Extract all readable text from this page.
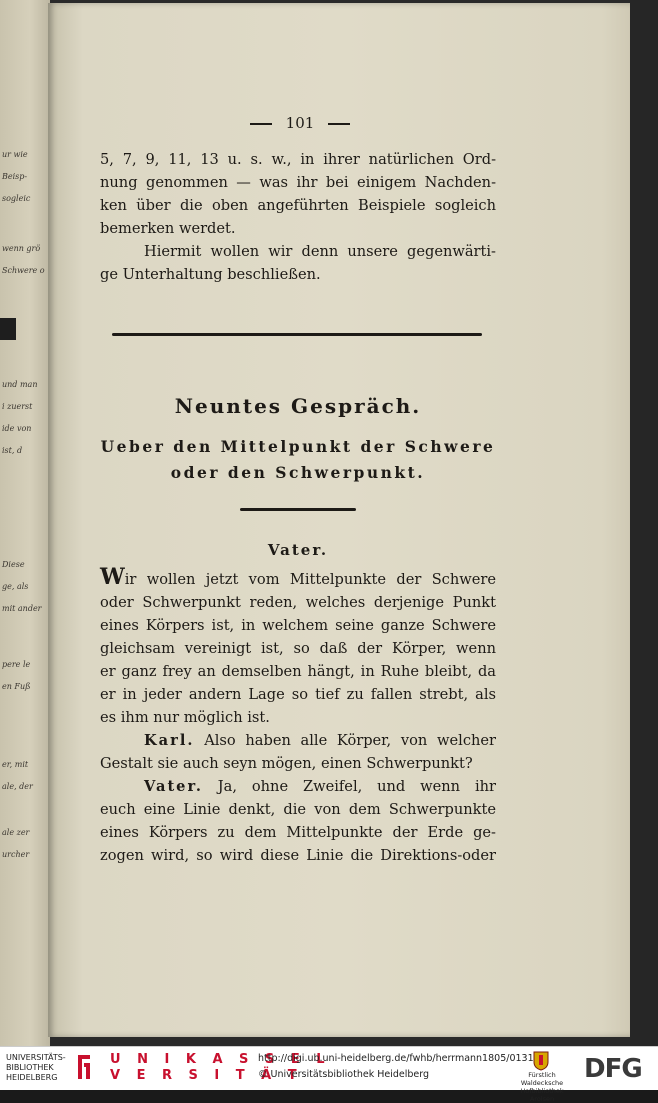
ur wie
Beisp-
sogleic
wenn grö
Schwere o
und man
i zuerst
ide von
ist, d
Diese
ge, als
mit ander
pere le
en Fuß
er, mit
ale, der
ale zer
urcher
101
5, 7, 9, 11, 13 u. s. w., in ihrer natürlichen Ord-
nung genommen — was ihr bei einigem Nachden-
ken über die oben angeführten Beispiele sogleich
bemerken werdet.
Hiermit wollen wir denn unsere gegenwärti-
ge Unterhaltung beschließen.
Neuntes Gespräch.
Ueber den Mittelpunkt der Schwere
oder den Schwerpunkt.
Vater.
Wir wollen jetzt vom Mittelpunkte der Schwere
oder Schwerpunkt reden, welches derjenige Punkt
eines Körpers ist, in welchem seine ganze Schwere
gleichsam vereinigt ist, so daß der Körper, wenn
er ganz frey an demselben hängt, in Ruhe bleibt, da
er in jeder andern Lage so tief zu fallen strebt, als
es ihm nur möglich ist.
Karl. Also haben alle Körper, von welcher
Gestalt sie auch seyn mögen, einen Schwerpunkt?
Vater. Ja, ohne Zweifel, und wenn ihr
euch eine Linie denkt, die von dem Schwerpunkte
eines Körpers zu dem Mittelpunkte der Erde ge-
zogen wird, so wird diese Linie die Direktions-oder
UNIVERSITÄTS-
BIBLIOTHEK
HEIDELBERG
U N I K A S S E L
V E R S I T Ä T
http://digi.ub.uni-heidelberg.de/fwhb/herrmann1805/0131
© Universitätsbibliothek Heidelberg	Fürstlich Waldecksche
Hofbibliothek Arolsen
DFG
